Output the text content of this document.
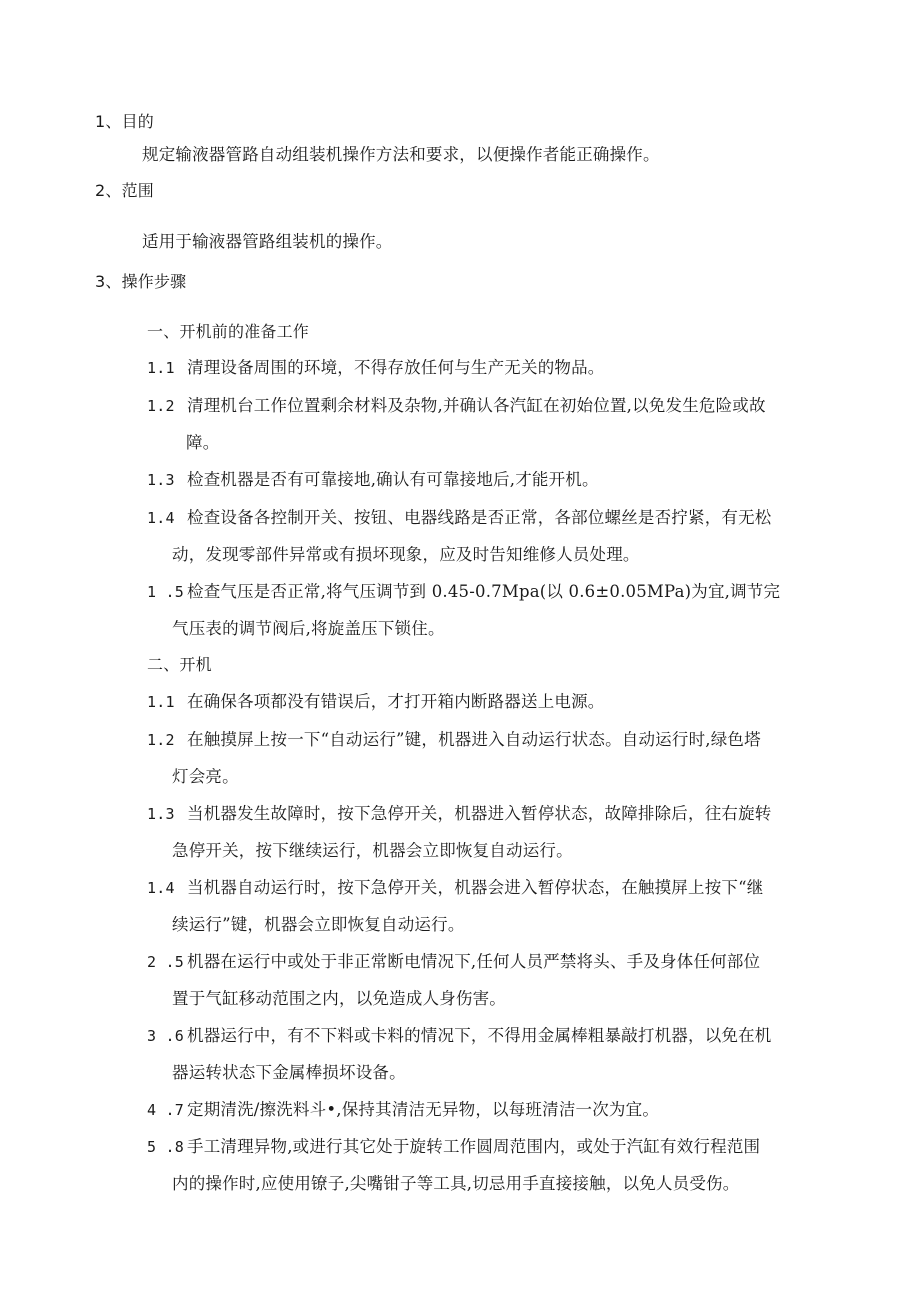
1、目的
规定输液器管路自动组装机操作方法和要求，以便操作者能正确操作。
2、范围
适用于输液器管路组装机的操作。
3、操作步骤
一、开机前的准备工作
1.1 清理设备周围的环境，不得存放任何与生产无关的物品。
1.2 清理机台工作位置剩余材料及杂物,并确认各汽缸在初始位置,以免发生危险或故
障。
1.3 检查机器是否有可靠接地,确认有可靠接地后,才能开机。
1.4 检查设备各控制开关、按钮、电器线路是否正常，各部位螺丝是否拧紧，有无松
动，发现零部件异常或有损坏现象，应及时告知维修人员处理。
1 .5 检查气压是否正常,将气压调节到 0.45-0.7Mpa(以 0.6±0.05MPa)为宜,调节完
气压表的调节阀后,将旋盖压下锁住。
二、开机
1.1 在确保各项都没有错误后，才打开箱内断路器送上电源。
1.2 在触摸屏上按一下“自动运行”键，机器进入自动运行状态。自动运行时,绿色塔
灯会亮。
1.3 当机器发生故障时，按下急停开关，机器进入暂停状态，故障排除后，往右旋转
急停开关，按下继续运行，机器会立即恢复自动运行。
1.4 当机器自动运行时，按下急停开关，机器会进入暂停状态，在触摸屏上按下“继
续运行”键，机器会立即恢复自动运行。
2 .5 机器在运行中或处于非正常断电情况下,任何人员严禁将头、手及身体任何部位
置于气缸移动范围之内，以免造成人身伤害。
3 .6 机器运行中，有不下料或卡料的情况下，不得用金属棒粗暴敲打机器，以免在机
器运转状态下金属棒损坏设备。
4 .7 定期清洗/擦洗料斗•,保持其清洁无异物，以每班清洁一次为宜。
5 .8 手工清理异物,或进行其它处于旋转工作圆周范围内，或处于汽缸有效行程范围
内的操作时,应使用镣子,尖嘴钳子等工具,切忌用手直接接触，以免人员受伤。
